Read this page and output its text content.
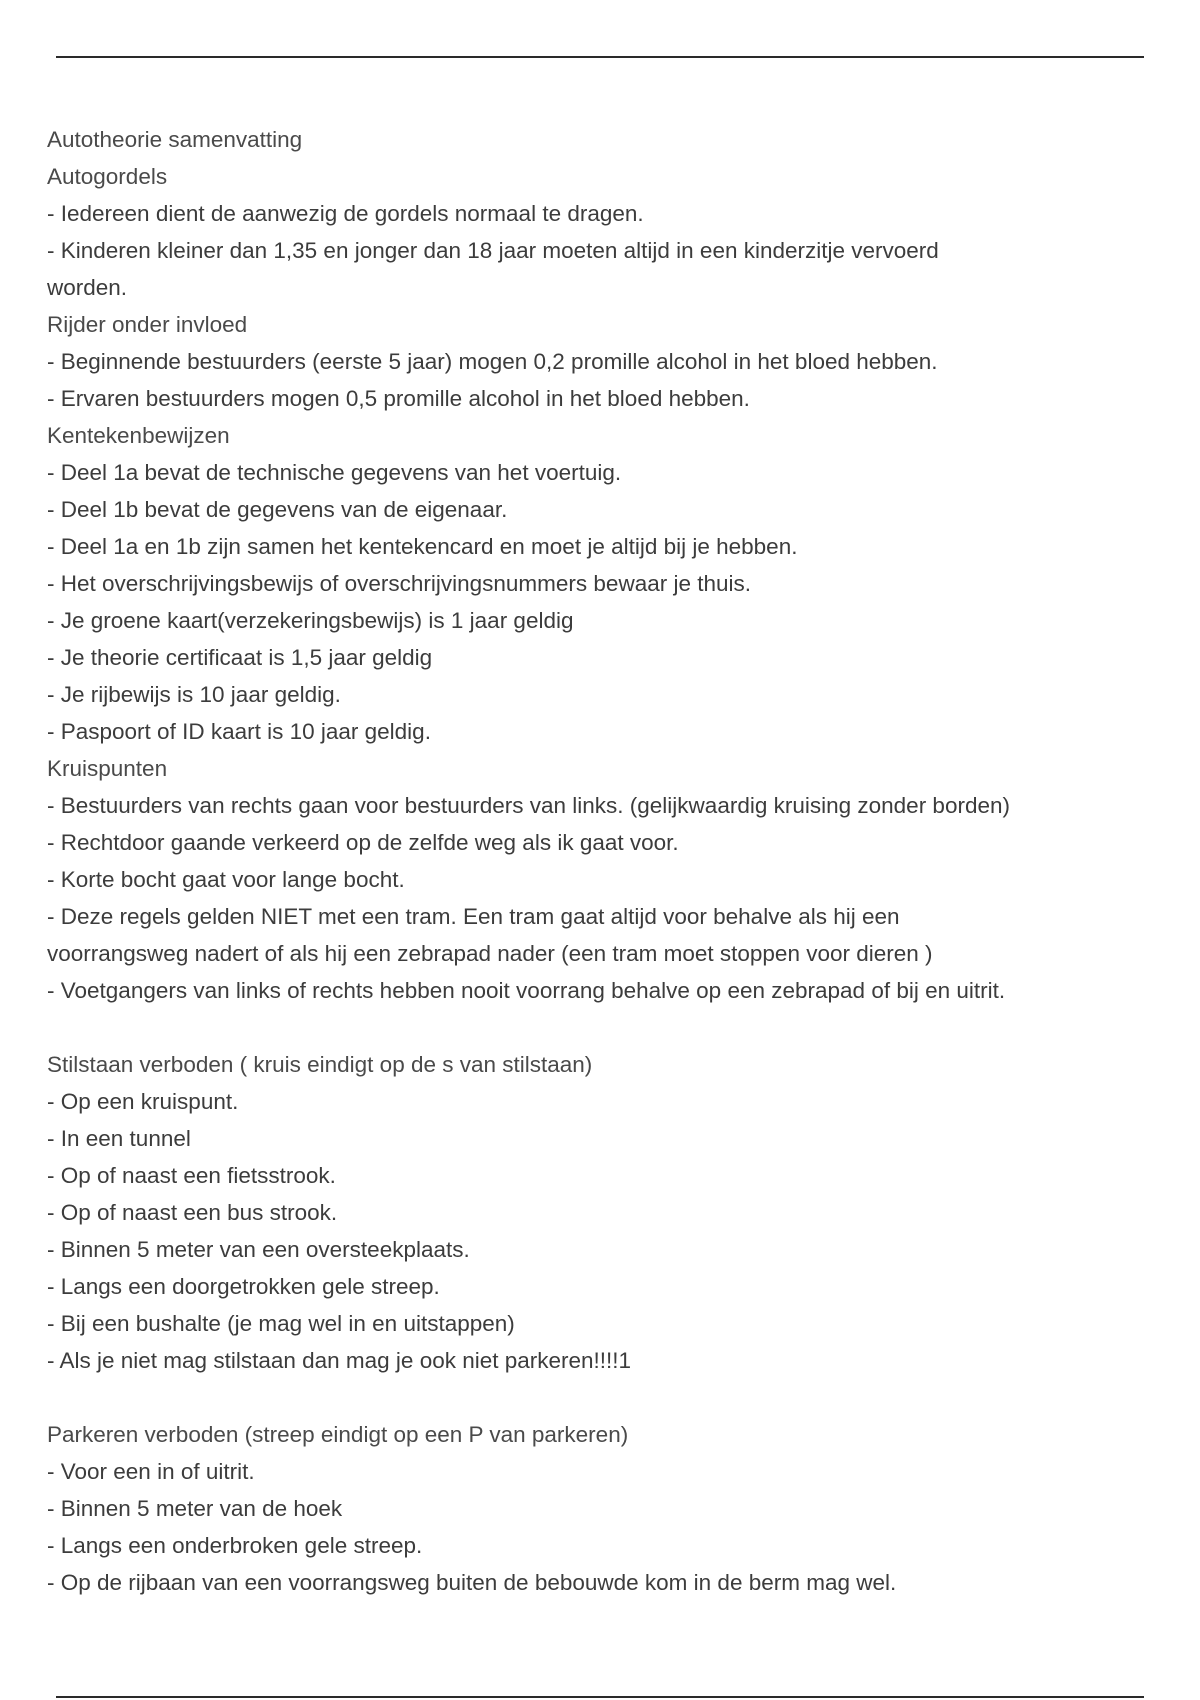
Autotheorie samenvatting
Autogordels
- Iedereen dient de aanwezig de gordels normaal te dragen.
- Kinderen kleiner dan 1,35 en jonger dan 18 jaar moeten altijd in een kinderzitje vervoerd
worden.
Rijder onder invloed
- Beginnende bestuurders (eerste 5 jaar) mogen 0,2 promille alcohol in het bloed hebben.
- Ervaren bestuurders mogen 0,5 promille alcohol in het bloed hebben.
Kentekenbewijzen
- Deel 1a bevat de technische gegevens van het voertuig.
- Deel 1b bevat de gegevens van de eigenaar.
- Deel 1a en 1b zijn samen het kentekencard en moet je altijd bij je hebben.
- Het overschrijvingsbewijs of overschrijvingsnummers bewaar je thuis.
- Je groene kaart(verzekeringsbewijs) is 1 jaar geldig
- Je theorie certificaat is 1,5 jaar geldig
- Je rijbewijs is 10 jaar geldig.
- Paspoort of ID kaart is 10 jaar geldig.
Kruispunten
- Bestuurders van rechts gaan voor bestuurders van links. (gelijkwaardig kruising zonder borden)
- Rechtdoor gaande verkeerd op de zelfde weg als ik gaat voor.
- Korte bocht gaat voor lange bocht.
- Deze regels gelden NIET met een tram. Een tram gaat altijd voor behalve als hij een
voorrangsweg nadert of als hij een zebrapad nader (een tram moet stoppen voor dieren )
- Voetgangers van links of rechts hebben nooit voorrang behalve op een zebrapad of bij en uitrit.
Stilstaan verboden ( kruis eindigt op de s van stilstaan)
- Op een kruispunt.
- In een tunnel
- Op of naast een fietsstrook.
- Op of naast een bus strook.
- Binnen 5 meter van een oversteekplaats.
- Langs een doorgetrokken gele streep.
- Bij een bushalte (je mag wel in en uitstappen)
- Als je niet mag stilstaan dan mag je ook niet parkeren!!!!1
Parkeren verboden (streep eindigt op een P van parkeren)
- Voor een in of uitrit.
- Binnen 5 meter van de hoek
- Langs een onderbroken gele streep.
- Op de rijbaan van een voorrangsweg buiten de bebouwde kom in de berm mag wel.
